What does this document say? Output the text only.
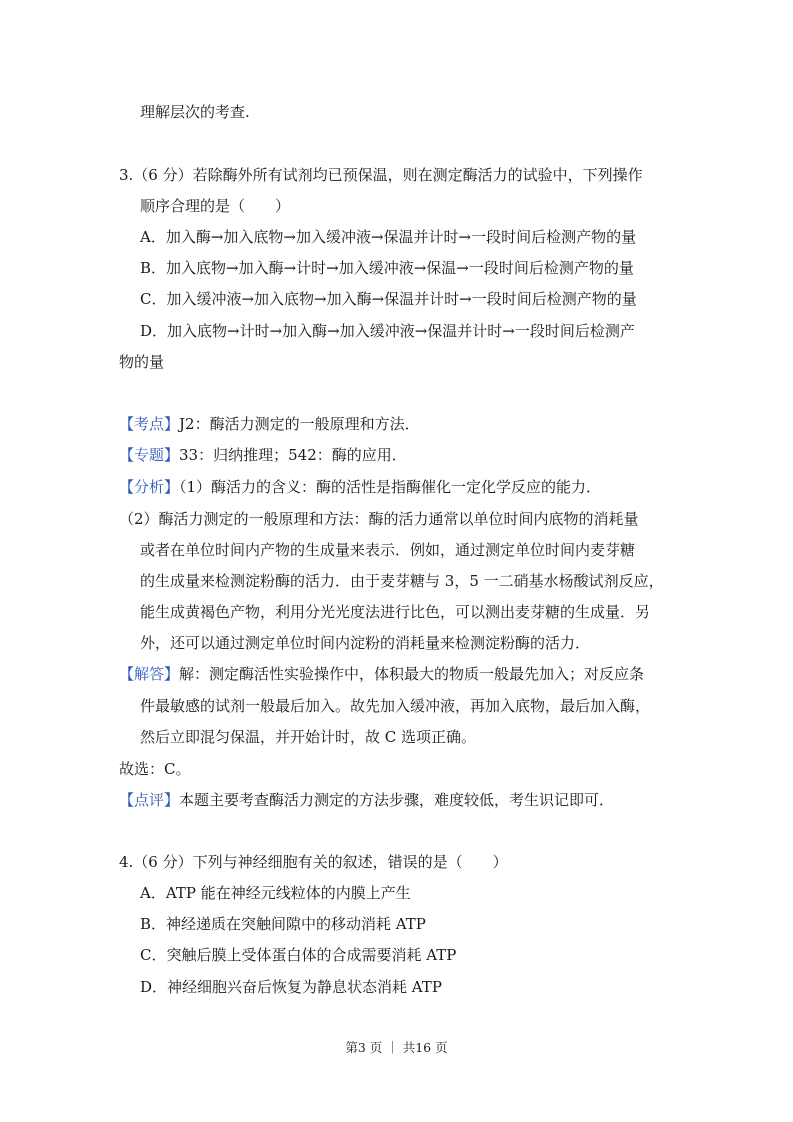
理解层次的考查.
3.（6 分）若除酶外所有试剂均已预保温，则在测定酶活力的试验中，下列操作
顺序合理的是（　　）
A．加入酶→加入底物→加入缓冲液→保温并计时→一段时间后检测产物的量
B．加入底物→加入酶→计时→加入缓冲液→保温→一段时间后检测产物的量
C．加入缓冲液→加入底物→加入酶→保温并计时→一段时间后检测产物的量
D．加入底物→计时→加入酶→加入缓冲液→保温并计时→一段时间后检测产
物的量
【考点】J2：酶活力测定的一般原理和方法．
【专题】33：归纳推理；542：酶的应用．
【分析】（1）酶活力的含义：酶的活性是指酶催化一定化学反应的能力．
（2）酶活力测定的一般原理和方法：酶的活力通常以单位时间内底物的消耗量
或者在单位时间内产物的生成量来表示．例如，通过测定单位时间内麦芽糖
的生成量来检测淀粉酶的活力．由于麦芽糖与 3，5 一二硝基水杨酸试剂反应，
能生成黄褐色产物，利用分光光度法进行比色，可以测出麦芽糖的生成量．另
外，还可以通过测定单位时间内淀粉的消耗量来检测淀粉酶的活力．
【解答】解：测定酶活性实验操作中，体积最大的物质一般最先加入；对反应条
件最敏感的试剂一般最后加入。故先加入缓冲液，再加入底物，最后加入酶，
然后立即混匀保温，并开始计时，故 C 选项正确。
故选：C。
【点评】本题主要考查酶活力测定的方法步骤，难度较低，考生识记即可．
4.（6 分）下列与神经细胞有关的叙述，错误的是（　　）
A．ATP 能在神经元线粒体的内膜上产生
B．神经递质在突触间隙中的移动消耗 ATP
C．突触后膜上受体蛋白体的合成需要消耗 ATP
D．神经细胞兴奋后恢复为静息状态消耗 ATP
第3 页 ｜ 共16 页
